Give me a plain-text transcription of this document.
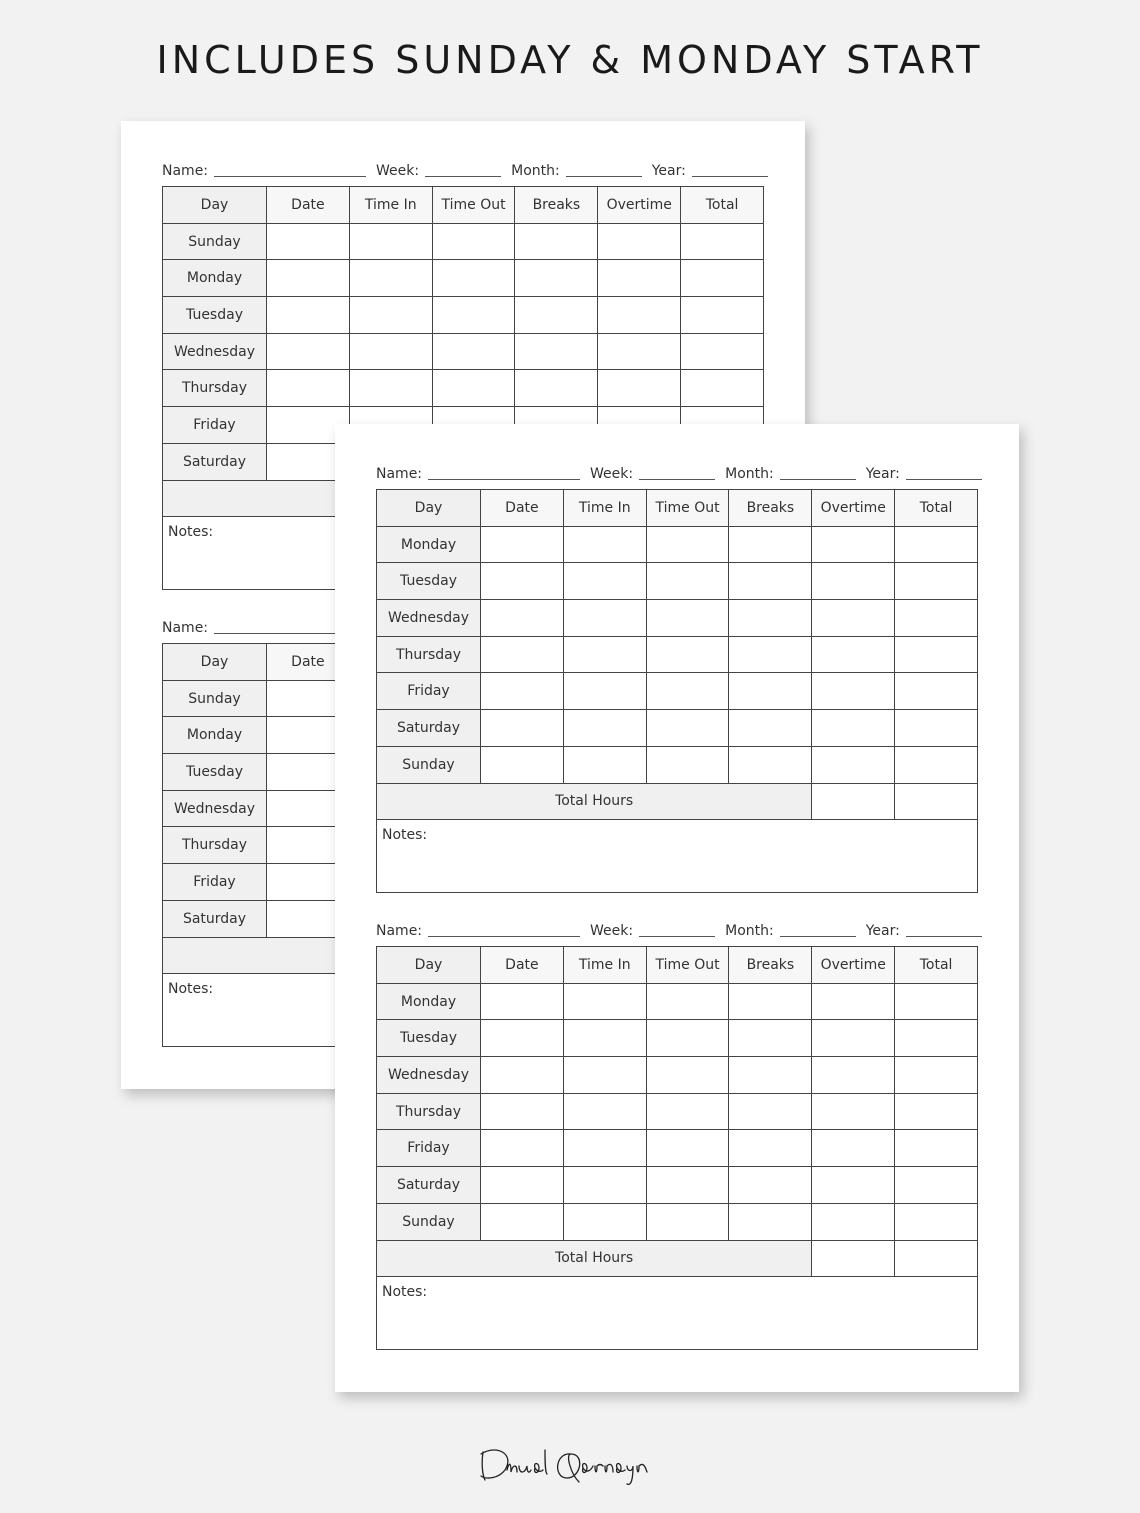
INCLUDES SUNDAY & MONDAY START
Name:	Week:	Month:	Year:
Day	Date	Time In	Time Out	Breaks	Overtime	Total
Sunday						
Monday						
Tuesday						
Wednesday						
Thursday						
Friday						
Saturday						

Notes:						
Name:
Day	Date					
Sunday						
Monday						
Tuesday						
Wednesday						
Thursday						
Friday						
Saturday						

Notes:						
Name:	Week:	Month:	Year:
Day	Date	Time In	Time Out	Breaks	Overtime	Total
Monday						
Tuesday						
Wednesday						
Thursday						
Friday						
Saturday						
Sunday						
Total Hours						
Notes:						
Name:	Week:	Month:	Year:
Day	Date	Time In	Time Out	Breaks	Overtime	Total
Monday						
Tuesday						
Wednesday						
Thursday						
Friday						
Saturday						
Sunday						
Total Hours						
Notes:						
